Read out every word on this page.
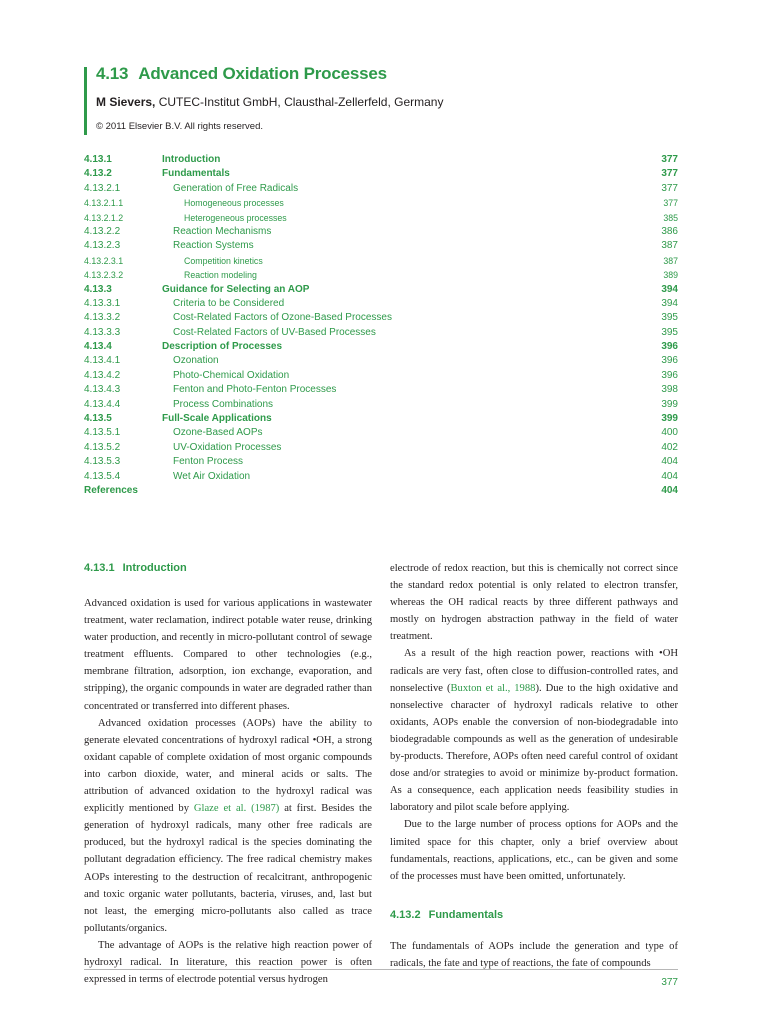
4.13 Advanced Oxidation Processes
M Sievers, CUTEC-Institut GmbH, Clausthal-Zellerfeld, Germany
© 2011 Elsevier B.V. All rights reserved.
4.13.1	Introduction	377
4.13.2	Fundamentals	377
4.13.2.1	Generation of Free Radicals	377
4.13.2.1.1	Homogeneous processes	377
4.13.2.1.2	Heterogeneous processes	385
4.13.2.2	Reaction Mechanisms	386
4.13.2.3	Reaction Systems	387
4.13.2.3.1	Competition kinetics	387
4.13.2.3.2	Reaction modeling	389
4.13.3	Guidance for Selecting an AOP	394
4.13.3.1	Criteria to be Considered	394
4.13.3.2	Cost-Related Factors of Ozone-Based Processes	395
4.13.3.3	Cost-Related Factors of UV-Based Processes	395
4.13.4	Description of Processes	396
4.13.4.1	Ozonation	396
4.13.4.2	Photo-Chemical Oxidation	396
4.13.4.3	Fenton and Photo-Fenton Processes	398
4.13.4.4	Process Combinations	399
4.13.5	Full-Scale Applications	399
4.13.5.1	Ozone-Based AOPs	400
4.13.5.2	UV-Oxidation Processes	402
4.13.5.3	Fenton Process	404
4.13.5.4	Wet Air Oxidation	404
References	404
4.13.1 Introduction

Advanced oxidation is used for various applications in wastewater treatment, water reclamation, indirect potable water reuse, drinking water production, and recently in micro-pollutant control of sewage treatment effluents. Compared to other technologies (e.g., membrane filtration, adsorption, ion exchange, evaporation, and stripping), the organic compounds in water are degraded rather than concentrated or transferred into different phases.

Advanced oxidation processes (AOPs) have the ability to generate elevated concentrations of hydroxyl radical •OH, a strong oxidant capable of complete oxidation of most organic compounds into carbon dioxide, water, and mineral acids or salts. The attribution of advanced oxidation to the hydroxyl radical was explicitly mentioned by Glaze et al. (1987) at first. Besides the generation of hydroxyl radicals, many other free radicals are produced, but the hydroxyl radical is the species dominating the pollutant degradation efficiency. The free radical chemistry makes AOPs interesting to the destruction of recalcitrant, anthropogenic and toxic organic water pollutants, bacteria, viruses, and, last but not least, the emerging micro-pollutants also called as trace pollutants/organics.

The advantage of AOPs is the relative high reaction power of hydroxyl radical. In literature, this reaction power is often expressed in terms of electrode potential versus hydrogen

electrode of redox reaction, but this is chemically not correct since the standard redox potential is only related to electron transfer, whereas the OH radical reacts by three different pathways and mostly on hydrogen abstraction pathway in the field of water treatment.

As a result of the high reaction power, reactions with •OH radicals are very fast, often close to diffusion-controlled rates, and nonselective (Buxton et al., 1988). Due to the high oxidative and nonselective character of hydroxyl radicals relative to other oxidants, AOPs enable the conversion of non-biodegradable into biodegradable compounds as well as the generation of undesirable by-products. Therefore, AOPs often need careful control of oxidant dose and/or strategies to avoid or minimize by-product formation. As a consequence, each application needs feasibility studies in laboratory and pilot scale before applying.

Due to the large number of process options for AOPs and the limited space for this chapter, only a brief overview about fundamentals, reactions, applications, etc., can be given and some of the processes must have been omitted, unfortunately.

4.13.2 Fundamentals

The fundamentals of AOPs include the generation and type of radicals, the fate and type of reactions, the fate of compounds

377
